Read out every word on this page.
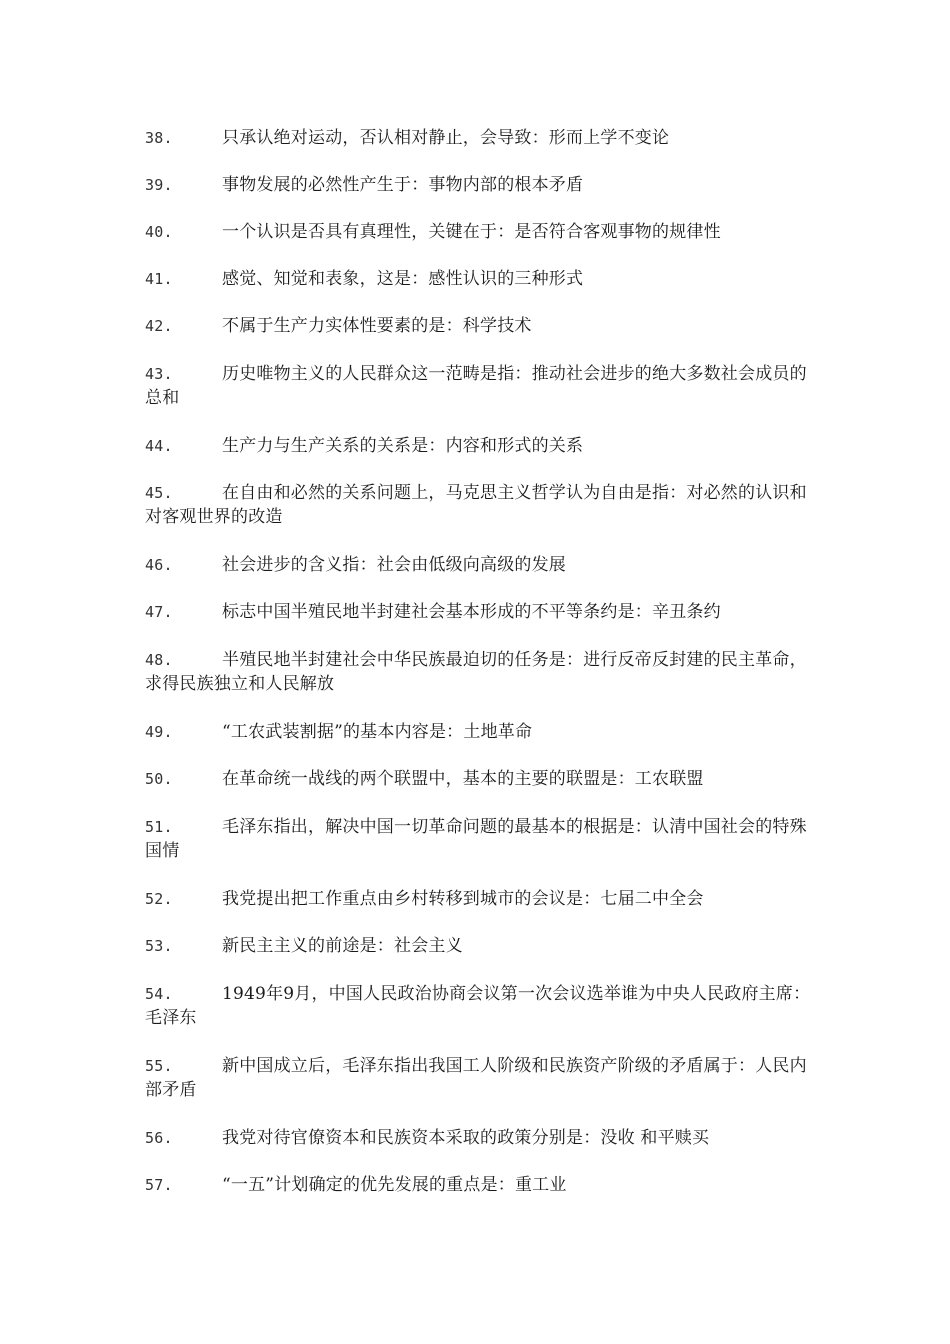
38.	只承认绝对运动，否认相对静止，会导致：形而上学不变论
39.	事物发展的必然性产生于：事物内部的根本矛盾
40.	一个认识是否具有真理性，关键在于：是否符合客观事物的规律性
41.	感觉、知觉和表象，这是：感性认识的三种形式
42.	不属于生产力实体性要素的是：科学技术
43.	历史唯物主义的人民群众这一范畴是指：推动社会进步的绝大多数社会成员的总和
44.	生产力与生产关系的关系是：内容和形式的关系
45.	在自由和必然的关系问题上，马克思主义哲学认为自由是指：对必然的认识和对客观世界的改造
46.	社会进步的含义指：社会由低级向高级的发展
47.	标志中国半殖民地半封建社会基本形成的不平等条约是：辛丑条约
48.	半殖民地半封建社会中华民族最迫切的任务是：进行反帝反封建的民主革命，求得民族独立和人民解放
49.	“工农武装割据”的基本内容是：土地革命
50.	在革命统一战线的两个联盟中，基本的主要的联盟是：工农联盟
51.	毛泽东指出，解决中国一切革命问题的最基本的根据是：认清中国社会的特殊国情
52.	我党提出把工作重点由乡村转移到城市的会议是：七届二中全会
53.	新民主主义的前途是：社会主义
54.	1949年9月，中国人民政治协商会议第一次会议选举谁为中央人民政府主席：毛泽东
55.	新中国成立后，毛泽东指出我国工人阶级和民族资产阶级的矛盾属于：人民内部矛盾
56.	我党对待官僚资本和民族资本采取的政策分别是：没收 和平赎买
57.	“一五”计划确定的优先发展的重点是：重工业
